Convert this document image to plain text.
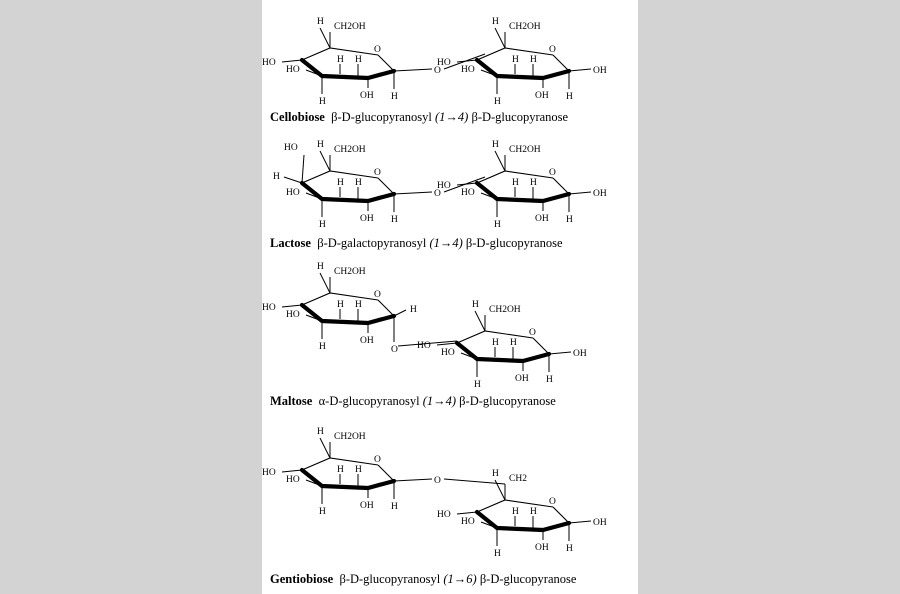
O
CH2OH
H
HO
HO
H
H H
OH H
O
CH2OH
H
HO
HO
H
H H
OH H
OH
O
O
CH2OH
H
HO
H
HO
H
H H
OH H
O
CH2OH
H
HO
HO
H
H H
OH H
OH
O
O
CH2OH
H
HO
HO
H
H H
OH
H
O
CH2OH
H
HO
HO
H
H H
OH H
OH
O
O
CH2OH
H
HO
HO
H
H H
OH H	O
CH2
H
HO
HO
H
H H
OH H
OH
O
Cellobiose β-D-glucopyranosyl (1→4) β-D-glucopyranose
Lactose β-D-galactopyranosyl (1→4) β-D-glucopyranose
Maltose α-D-glucopyranosyl (1→4) β-D-glucopyranose
Gentiobiose β-D-glucopyranosyl (1→6) β-D-glucopyranose
